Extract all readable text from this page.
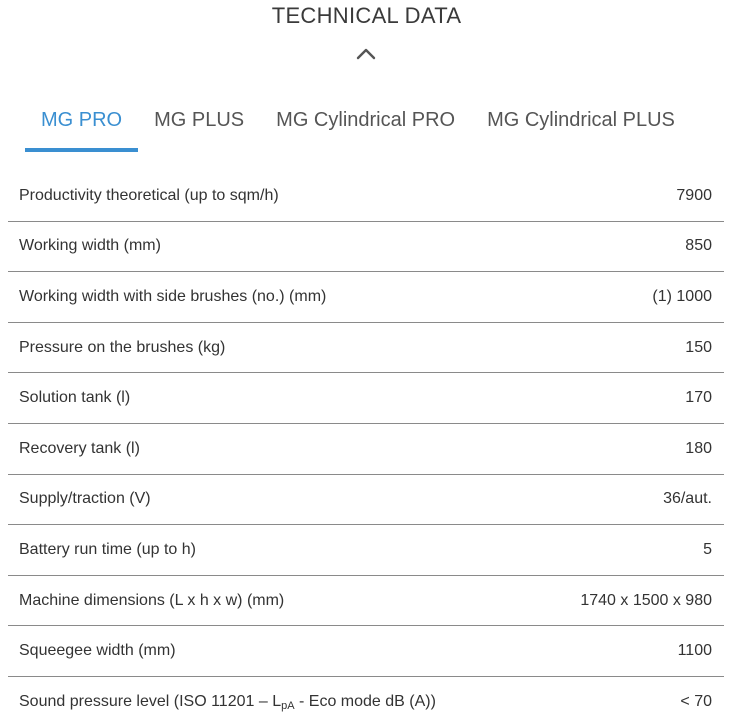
TECHNICAL DATA
MG PRO	MG PLUS	MG Cylindrical PRO	MG Cylindrical PLUS
Productivity theoretical (up to sqm/h)	7900
Working width (mm)	850
Working width with side brushes (no.) (mm)	(1) 1000
Pressure on the brushes (kg)	150
Solution tank (l)	170
Recovery tank (l)	180
Supply/traction (V)	36/aut.
Battery run time (up to h)	5
Machine dimensions (L x h x w) (mm)	1740 x 1500 x 980
Squeegee width (mm)	1100
Sound pressure level (ISO $11201 - L_{pA}$ - Eco mode dB (A))	< 70
